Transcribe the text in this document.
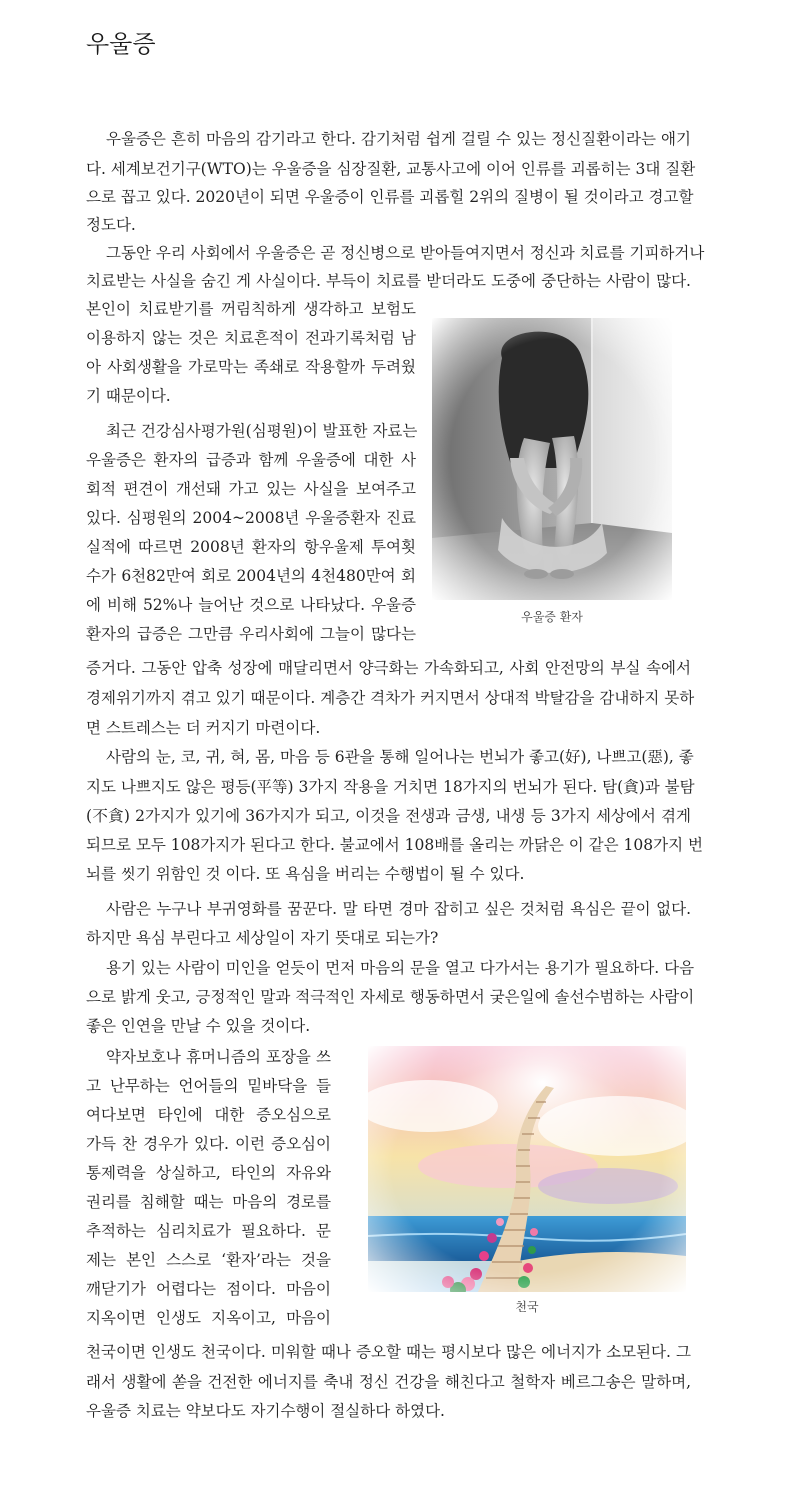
우울증
우울증은 흔히 마음의 감기라고 한다. 감기처럼 쉽게 걸릴 수 있는 정신질환이라는 애기
다. 세계보건기구(WTO)는 우울증을 심장질환, 교통사고에 이어 인류를 괴롭히는 3대 질환
으로 꼽고 있다. 2020년이 되면 우울증이 인류를 괴롭힐 2위의 질병이 될 것이라고 경고할
정도다.
그동안 우리 사회에서 우울증은 곧 정신병으로 받아들여지면서 정신과 치료를 기피하거나
치료받는 사실을 숨긴 게 사실이다. 부득이 치료를 받더라도 도중에 중단하는 사람이 많다.
본인이 치료받기를 꺼림칙하게 생각하고 보험도
이용하지 않는 것은 치료흔적이 전과기록처럼 남
아 사회생활을 가로막는 족쇄로 작용할까 두려웠
기 때문이다.
최근 건강심사평가원(심평원)이 발표한 자료는
우울증은 환자의 급증과 함께 우울증에 대한 사
회적 편견이 개선돼 가고 있는 사실을 보여주고
있다. 심평원의 2004~2008년 우울증환자 진료
실적에 따르면 2008년 환자의 항우울제 투여횟
수가 6천82만여 회로 2004년의 4천480만여 회
에 비해 52%나 늘어난 것으로 나타났다. 우울증
환자의 급증은 그만큼 우리사회에 그늘이 많다는
증거다. 그동안 압축 성장에 매달리면서 양극화는 가속화되고, 사회 안전망의 부실 속에서
경제위기까지 겪고 있기 때문이다. 계층간 격차가 커지면서 상대적 박탈감을 감내하지 못하
면 스트레스는 더 커지기 마련이다.
사람의 눈, 코, 귀, 혀, 몸, 마음 등 6관을 통해 일어나는 번뇌가 좋고(好), 나쁘고(惡), 좋
지도 나쁘지도 않은 평등(平等) 3가지 작용을 거치면 18가지의 번뇌가 된다. 탐(貪)과 불탐
(不貪) 2가지가 있기에 36가지가 되고, 이것을 전생과 금생, 내생 등 3가지 세상에서 겪게
되므로 모두 108가지가 된다고 한다. 불교에서 108배를 올리는 까닭은 이 같은 108가지 번
뇌를 씻기 위함인 것 이다. 또 욕심을 버리는 수행법이 될 수 있다.
사람은 누구나 부귀영화를 꿈꾼다. 말 타면 경마 잡히고 싶은 것처럼 욕심은 끝이 없다.
하지만 욕심 부린다고 세상일이 자기 뜻대로 되는가?
용기 있는 사람이 미인을 얻듯이 먼저 마음의 문을 열고 다가서는 용기가 필요하다. 다음
으로 밝게 웃고, 긍정적인 말과 적극적인 자세로 행동하면서 궂은일에 솔선수범하는 사람이
좋은 인연을 만날 수 있을 것이다.
약자보호나 휴머니즘의 포장을 쓰
고 난무하는 언어들의 밑바닥을 들
여다보면 타인에 대한 증오심으로
가득 찬 경우가 있다. 이런 증오심이
통제력을 상실하고, 타인의 자유와
권리를 침해할 때는 마음의 경로를
추적하는 심리치료가 필요하다. 문
제는 본인 스스로 ‘환자’라는 것을
깨닫기가 어렵다는 점이다. 마음이
지옥이면 인생도 지옥이고, 마음이
천국이면 인생도 천국이다. 미워할 때나 증오할 때는 평시보다 많은 에너지가 소모된다. 그
래서 생활에 쏟을 건전한 에너지를 축내 정신 건강을 해친다고 철학자 베르그송은 말하며,
우울증 치료는 약보다도 자기수행이 절실하다 하였다.
우울증 환자
천국
